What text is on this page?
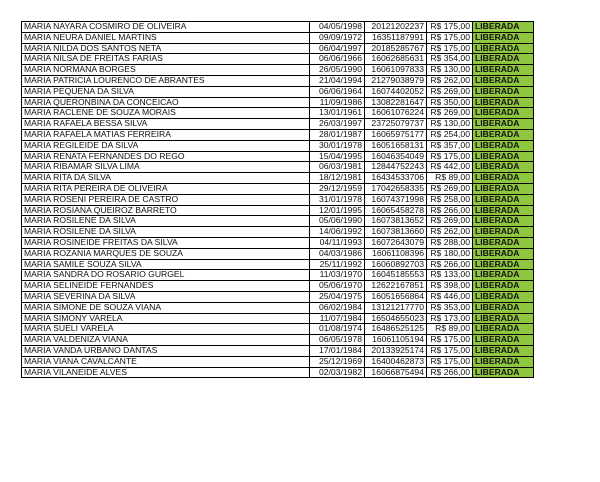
MARIA NAYARA COSMIRO DE OLIVEIRA	04/05/1998	20121202237	R$ 175,00	LIBERADA
MARIA NEURA DANIEL MARTINS	09/09/1972	16351187991	R$ 175,00	LIBERADA
MARIA NILDA DOS SANTOS NETA	06/04/1997	20185285767	R$ 175,00	LIBERADA
MARIA NILSA DE FREITAS FARIAS	06/06/1966	16062685631	R$ 354,00	LIBERADA
MARIA NORMANA BORGES	26/05/1990	16061097833	R$ 130,00	LIBERADA
MARIA PATRICIA LOURENCO DE ABRANTES	21/04/1994	21279038979	R$ 262,00	LIBERADA
MARIA PEQUENA DA SILVA	06/06/1964	16074402052	R$ 269,00	LIBERADA
MARIA QUERONBINA DA CONCEICAO	11/09/1986	13082281647	R$ 350,00	LIBERADA
MARIA RACLENE DE SOUZA MORAIS	13/01/1961	16061076224	R$ 269,00	LIBERADA
MARIA RAFAELA BESSA SILVA	26/03/1997	23725079737	R$ 130,00	LIBERADA
MARIA RAFAELA MATIAS FERREIRA	28/01/1987	16065975177	R$ 254,00	LIBERADA
MARIA REGILEIDE DA SILVA	30/01/1978	16051658131	R$ 357,00	LIBERADA
MARIA RENATA FERNANDES DO REGO	15/04/1995	16046354049	R$ 175,00	LIBERADA
MARIA RIBAMAR SILVA LIMA	06/03/1981	12844752243	R$ 442,00	LIBERADA
MARIA RITA DA SILVA	18/12/1981	16434533706	R$ 89,00	LIBERADA
MARIA RITA PEREIRA DE OLIVEIRA	29/12/1959	17042658335	R$ 269,00	LIBERADA
MARIA ROSENI PEREIRA DE CASTRO	31/01/1978	16074371998	R$ 258,00	LIBERADA
MARIA ROSIANA QUEIROZ BARRETO	12/01/1995	16065458278	R$ 266,00	LIBERADA
MARIA ROSILENE DA SILVA	05/06/1990	16073813652	R$ 269,00	LIBERADA
MARIA ROSILENE DA SILVA	14/06/1992	16073813660	R$ 262,00	LIBERADA
MARIA ROSINEIDE FREITAS DA SILVA	04/11/1993	16072643079	R$ 288,00	LIBERADA
MARIA ROZANIA MARQUES DE SOUZA	04/03/1986	16061108396	R$ 180,00	LIBERADA
MARIA SAMILE SOUZA SILVA	25/11/1992	16060892703	R$ 266,00	LIBERADA
MARIA SANDRA DO ROSARIO GURGEL	11/03/1970	16045185553	R$ 133,00	LIBERADA
MARIA SELINEIDE FERNANDES	05/06/1970	12622167851	R$ 398,00	LIBERADA
MARIA SEVERINA DA SILVA	25/04/1975	16051656864	R$ 446,00	LIBERADA
MARIA SIMONE DE SOUZA VIANA	06/02/1984	13121217770	R$ 353,00	LIBERADA
MARIA SIMONY VARELA	11/07/1984	16504655023	R$ 173,00	LIBERADA
MARIA SUELI VARELA	01/08/1974	16486525125	R$ 89,00	LIBERADA
MARIA VALDENIZA VIANA	06/05/1978	16061105194	R$ 175,00	LIBERADA
MARIA VANDA URBANO DANTAS	17/01/1984	20133925174	R$ 175,00	LIBERADA
MARIA VIANA CAVALCANTE	25/12/1969	16400462873	R$ 175,00	LIBERADA
MARIA VILANEIDE ALVES	02/03/1982	16066875494	R$ 266,00	LIBERADA
